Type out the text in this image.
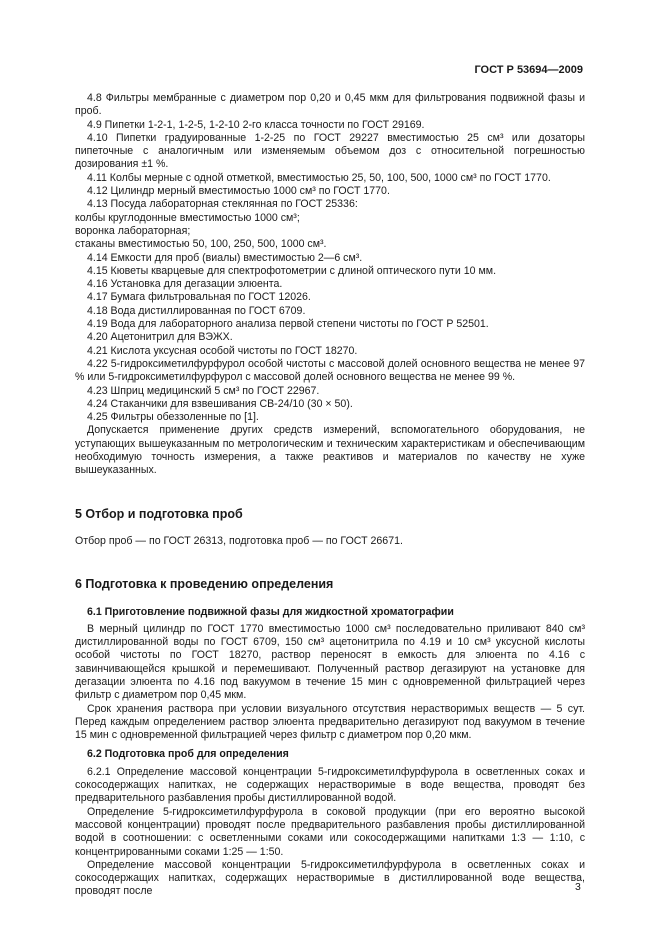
ГОСТ Р 53694—2009

4.8 Фильтры мембранные с диаметром пор 0,20 и 0,45 мкм для фильтрования подвижной фазы и проб.

4.9 Пипетки 1-2-1, 1-2-5, 1-2-10 2-го класса точности по ГОСТ 29169.

4.10 Пипетки градуированные 1-2-25 по ГОСТ 29227 вместимостью 25 см³ или дозаторы пипеточные с аналогичным или изменяемым объемом доз с относительной погрешностью дозирования ±1 %.

4.11 Колбы мерные с одной отметкой, вместимостью 25, 50, 100, 500, 1000 см³ по ГОСТ 1770.

4.12 Цилиндр мерный вместимостью 1000 см³ по ГОСТ 1770.

4.13 Посуда лабораторная стеклянная по ГОСТ 25336:

колбы круглодонные вместимостью 1000 см³;

воронка лабораторная;

стаканы вместимостью 50, 100, 250, 500, 1000 см³.

4.14 Емкости для проб (виалы) вместимостью 2—6 см³.

4.15 Кюветы кварцевые для спектрофотометрии с длиной оптического пути 10 мм.

4.16 Установка для дегазации элюента.

4.17 Бумага фильтровальная по ГОСТ 12026.

4.18 Вода дистиллированная по ГОСТ 6709.

4.19 Вода для лабораторного анализа первой степени чистоты по ГОСТ Р 52501.

4.20 Ацетонитрил для ВЭЖХ.

4.21 Кислота уксусная особой чистоты по ГОСТ 18270.

4.22 5-гидроксиметилфурфурол особой чистоты с массовой долей основного вещества не менее 97 % или 5-гидроксиметилфурфурол с массовой долей основного вещества не менее 99 %.

4.23 Шприц медицинский 5 см³ по ГОСТ 22967.

4.24 Стаканчики для взвешивания СВ-24/10 (30 × 50).

4.25 Фильтры обеззоленные по [1].

Допускается применение других средств измерений, вспомогательного оборудования, не уступающих вышеуказанным по метрологическим и техническим характеристикам и обеспечивающим необходимую точность измерения, а также реактивов и материалов по качеству не хуже вышеуказанных.

5 Отбор и подготовка проб

Отбор проб — по ГОСТ 26313, подготовка проб — по ГОСТ 26671.

6 Подготовка к проведению определения

6.1 Приготовление подвижной фазы для жидкостной хроматографии

В мерный цилиндр по ГОСТ 1770 вместимостью 1000 см³ последовательно приливают 840 см³ дистиллированной воды по ГОСТ 6709, 150 см³ ацетонитрила по 4.19 и 10 см³ уксусной кислоты особой чистоты по ГОСТ 18270, раствор переносят в емкость для элюента по 4.16 с завинчивающейся крышкой и перемешивают. Полученный раствор дегазируют на установке для дегазации элюента по 4.16 под вакуумом в течение 15 мин с одновременной фильтрацией через фильтр с диаметром пор 0,45 мкм.

Срок хранения раствора при условии визуального отсутствия нерастворимых веществ — 5 сут. Перед каждым определением раствор элюента предварительно дегазируют под вакуумом в течение 15 мин с одновременной фильтрацией через фильтр с диаметром пор 0,20 мкм.

6.2 Подготовка проб для определения

6.2.1 Определение массовой концентрации 5-гидроксиметилфурфурола в осветленных соках и сокосодержащих напитках, не содержащих нерастворимые в воде вещества, проводят без предварительного разбавления пробы дистиллированной водой.

Определение 5-гидроксиметилфурфурола в соковой продукции (при его вероятно высокой массовой концентрации) проводят после предварительного разбавления пробы дистиллированной водой в соотношении: с осветленными соками или сокосодержащими напитками 1:3 — 1:10, с концентрированными соками 1:25 — 1:50.

Определение массовой концентрации 5-гидроксиметилфурфурола в осветленных соках и сокосодержащих напитках, содержащих нерастворимые в дистиллированной воде вещества, проводят после	3
